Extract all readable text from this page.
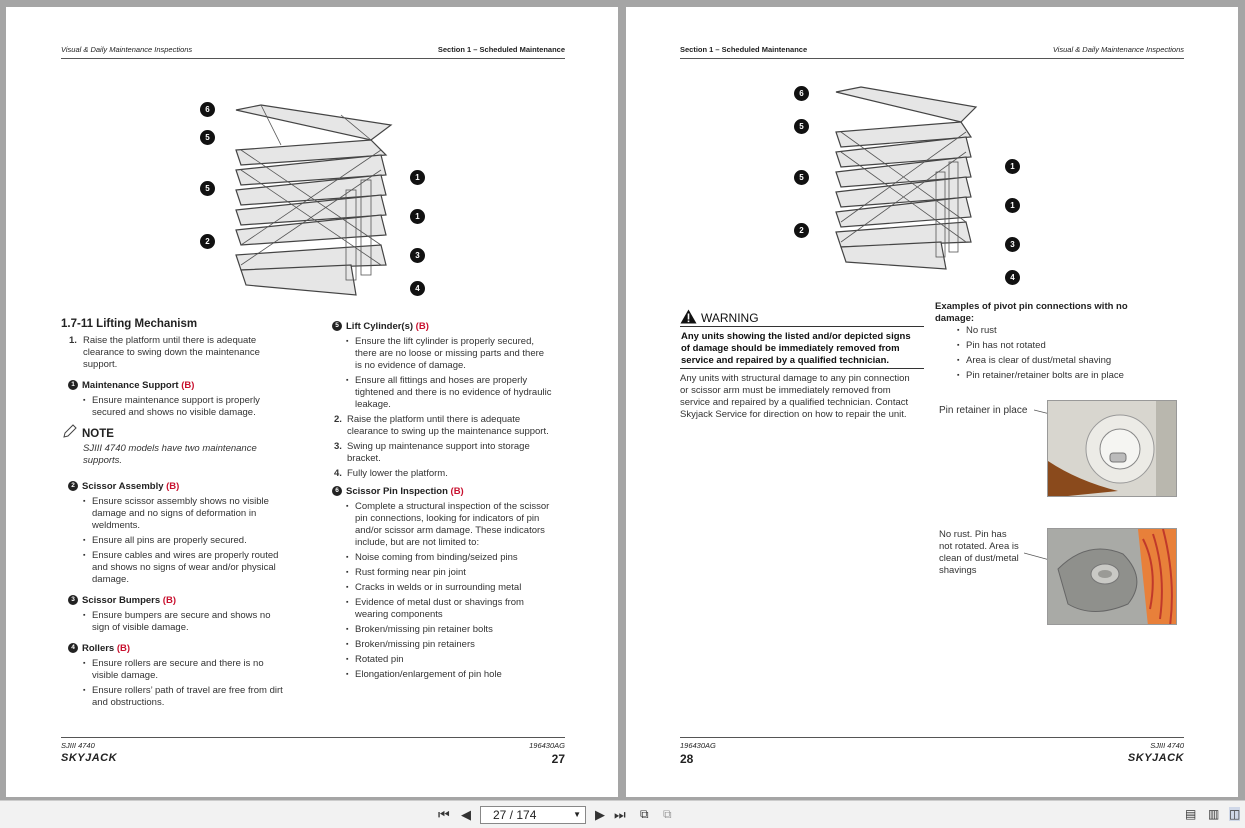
Visual & Daily Maintenance Inspections	Section 1 – Scheduled Maintenance
6
5
5
2
1
1
3
4
1.7-11 Lifting Mechanism
1. Raise the platform until there is adequate
clearance to swing down the maintenance
support.
1 Maintenance Support (B)
▪ Ensure maintenance support is properly
secured and shows no visible damage.
NOTE
SJIII 4740 models have two maintenance
supports.
2 Scissor Assembly (B)
▪ Ensure scissor assembly shows no visible
damage and no signs of deformation in
weldments.
▪ Ensure all pins are properly secured.
▪ Ensure cables and wires are properly routed
and shows no signs of wear and/or physical
damage.
3 Scissor Bumpers (B)
▪ Ensure bumpers are secure and shows no
sign of visible damage.
4 Rollers (B)
▪ Ensure rollers are secure and there is no
visible damage.
▪ Ensure rollers’ path of travel are free from dirt
and obstructions.
5 Lift Cylinder(s) (B)
▪ Ensure the lift cylinder is properly secured,
there are no loose or missing parts and there
is no evidence of damage.
▪ Ensure all fittings and hoses are properly
tightened and there is no evidence of hydraulic
leakage.
2. Raise the platform until there is adequate
clearance to swing up the maintenance support.
3. Swing up maintenance support into storage
bracket.
4. Fully lower the platform.
6 Scissor Pin Inspection (B)
▪ Complete a structural inspection of the scissor
pin connections, looking for indicators of pin
and/or scissor arm damage. These indicators
include, but are not limited to:
▪ Noise coming from binding/seized pins
▪ Rust forming near pin joint
▪ Cracks in welds or in surrounding metal
▪ Evidence of metal dust or shavings from
wearing components
▪ Broken/missing pin retainer bolts
▪ Broken/missing pin retainers
▪ Rotated pin
▪ Elongation/enlargement of pin hole
SJIII 4740	196430AG
SKYJACK	27
Section 1 – Scheduled Maintenance	Visual & Daily Maintenance Inspections
6
5
5
2
1
1
3
4
WARNING
Any units showing the listed and/or depicted signs
of damage should be immediately removed from
service and repaired by a qualified technician.
Any units with structural damage to any pin connection
or scissor arm must be immediately removed from
service and repaired by a qualified technician. Contact
Skyjack Service for direction on how to repair the unit.
Examples of pivot pin connections with no
damage:
▪ No rust
▪ Pin has not rotated
▪ Area is clear of dust/metal shaving
▪ Pin retainer/retainer bolts are in place
Pin retainer in place
No rust. Pin has
not rotated. Area is
clean of dust/metal
shavings
196430AG	SJIII 4740
28	SKYJACK
⏮ ◀	27 / 174	▼ ▶ ⏭ ⧉ ⧉	▤ ▥ ◫
